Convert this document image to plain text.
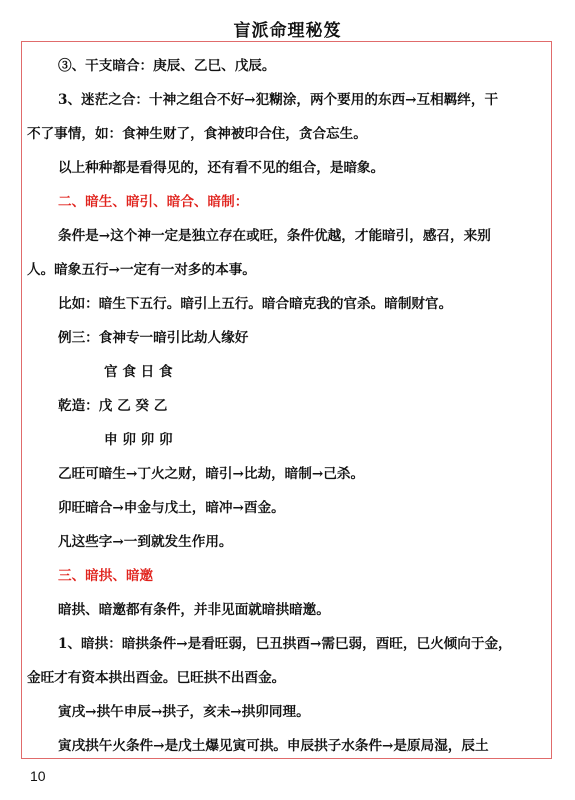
盲派命理秘笈
③、干支暗合：庚辰、乙巳、戊辰。
3、迷茫之合：十神之组合不好→犯糊涂，两个要用的东西→互相羁绊，干
不了事情，如：食神生财了，食神被印合住，贪合忘生。
以上种种都是看得见的，还有看不见的组合，是暗象。
二、暗生、暗引、暗合、暗制：
条件是→这个神一定是独立存在或旺，条件优越，才能暗引，感召，来别
人。暗象五行→一定有一对多的本事。
比如：暗生下五行。暗引上五行。暗合暗克我的官杀。暗制财官。
例三：食神专一暗引比劫人缘好
官 食 日 食
乾造：戊 乙 癸 乙
申 卯 卯 卯
乙旺可暗生→丁火之财，暗引→比劫，暗制→己杀。
卯旺暗合→申金与戊土，暗冲→酉金。
凡这些字→一到就发生作用。
三、暗拱、暗邀
暗拱、暗邀都有条件，并非见面就暗拱暗邀。
1、暗拱：暗拱条件→是看旺弱，巳丑拱酉→需巳弱，酉旺，巳火倾向于金，
金旺才有资本拱出酉金。巳旺拱不出酉金。
寅戌→拱午申辰→拱子，亥未→拱卯同理。
寅戌拱午火条件→是戊土爆见寅可拱。申辰拱子水条件→是原局湿，辰土
10
